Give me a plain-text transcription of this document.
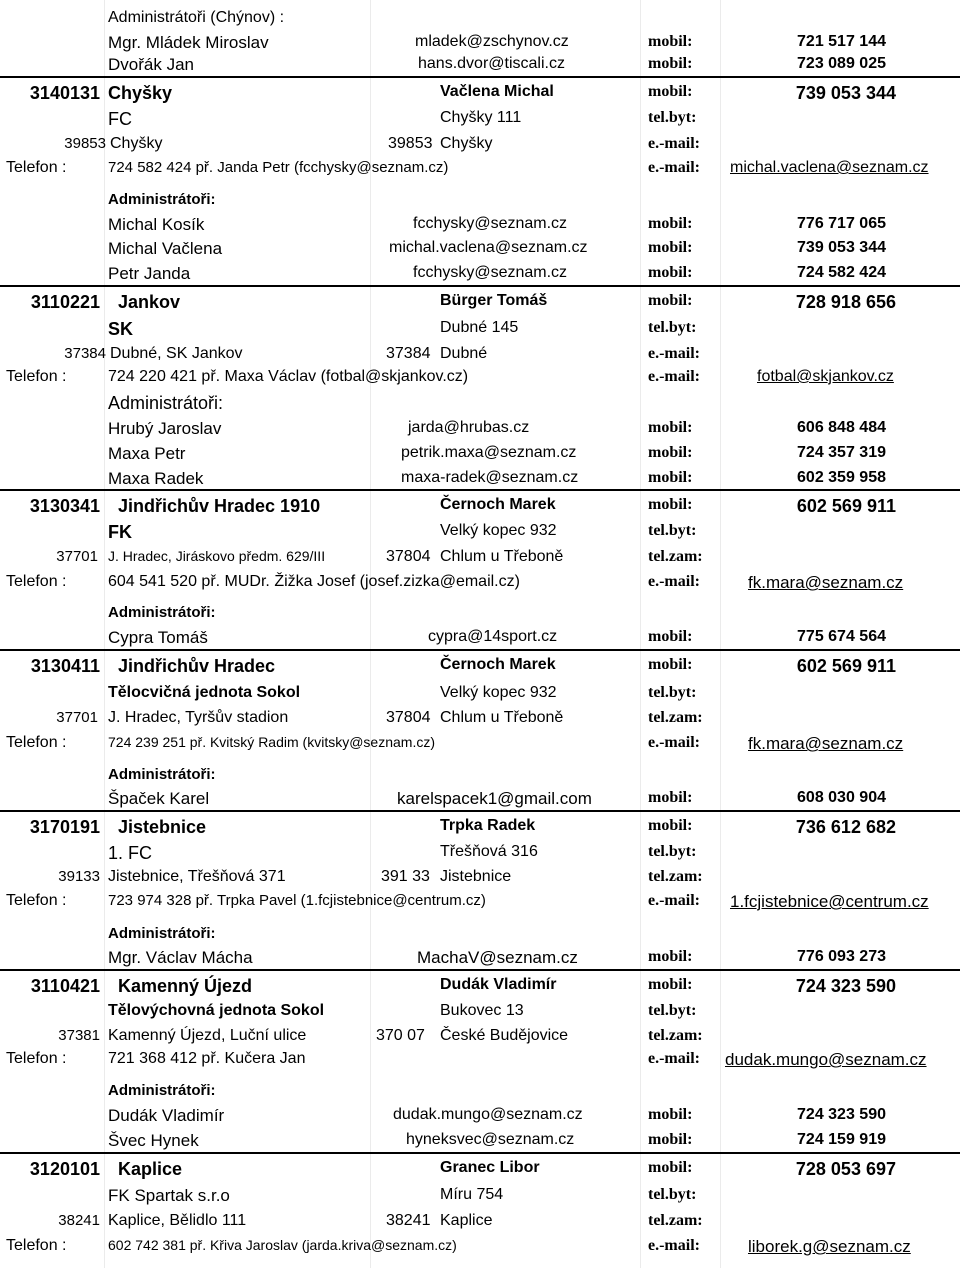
Administrátoři (Chýnov) :
Mgr. Mládek Miroslav	mladek@zschynov.cz	mobil:	721 517 144
Dvořák Jan	hans.dvor@tiscali.cz	mobil:	723 089 025
3140131 Chyšky	Vačlena Michal	mobil:	739 053 344
FC	Chyšky 111	tel.byt:
39853 Chyšky	39853 Chyšky	e.-mail:
Telefon :	724 582 424 př. Janda Petr (fcchysky@seznam.cz)	e.-mail: michal.vaclena@seznam.cz
Administrátoři:
Michal Kosík	fcchysky@seznam.cz	mobil:	776 717 065
Michal Vačlena	michal.vaclena@seznam.cz	mobil:	739 053 344
Petr Janda	fcchysky@seznam.cz	mobil:	724 582 424
3110221 Jankov	Bürger Tomáš	mobil:	728 918 656
SK	Dubné 145	tel.byt:
37384 Dubné, SK Jankov	37384 Dubné	e.-mail:
Telefon :	724 220 421 př. Maxa Václav (fotbal@skjankov.cz)	e.-mail:	fotbal@skjankov.cz
Administrátoři:
Hrubý Jaroslav	jarda@hrubas.cz	mobil:	606 848 484
Maxa Petr	petrik.maxa@seznam.cz	mobil:	724 357 319
Maxa Radek	maxa-radek@seznam.cz	mobil:	602 359 958
3130341 Jindřichův Hradec 1910	Černoch Marek	mobil:	602 569 911
FK	Velký kopec 932	tel.byt:
37701 J. Hradec, Jiráskovo předm. 629/III	37804 Chlum u Třeboně	tel.zam:
Telefon :	604 541 520 př. MUDr. Žižka Josef (josef.zizka@email.cz)	e.-mail:	fk.mara@seznam.cz
Administrátoři:
Cypra Tomáš	cypra@14sport.cz	mobil:	775 674 564
3130411 Jindřichův Hradec	Černoch Marek	mobil:	602 569 911
Tělocvičná jednota Sokol	Velký kopec 932	tel.byt:
37701 J. Hradec, Tyršův stadion	37804 Chlum u Třeboně	tel.zam:
Telefon :	724 239 251 př. Kvitský Radim (kvitsky@seznam.cz)	e.-mail:	fk.mara@seznam.cz
Administrátoři:
Špaček Karel	karelspacek1@gmail.com	mobil:	608 030 904
3170191 Jistebnice	Trpka Radek	mobil:	736 612 682
1. FC	Třešňová 316	tel.byt:
39133 Jistebnice, Třešňová 371	391 33 Jistebnice	tel.zam:
Telefon :	723 974 328 př. Trpka Pavel (1.fcjistebnice@centrum.cz)	e.-mail: 1.fcjistebnice@centrum.cz
Administrátoři:
Mgr. Václav Mácha	MachaV@seznam.cz	mobil:	776 093 273
3110421 Kamenný Újezd	Dudák Vladimír	mobil:	724 323 590
Tělovýchovná jednota Sokol	Bukovec 13	tel.byt:
37381 Kamenný Újezd, Luční ulice	370 07 České Budějovice	tel.zam:
Telefon :	721 368 412 př. Kučera Jan	e.-mail: dudak.mungo@seznam.cz
Administrátoři:
Dudák Vladimír	dudak.mungo@seznam.cz	mobil:	724 323 590
Švec Hynek	hyneksvec@seznam.cz	mobil:	724 159 919
3120101 Kaplice	Granec Libor	mobil:	728 053 697
FK Spartak s.r.o	Míru 754	tel.byt:
38241 Kaplice, Bělidlo 111	38241 Kaplice	tel.zam:
Telefon :	602 742 381 př. Křiva Jaroslav (jarda.kriva@seznam.cz)	e.-mail:	liborek.g@seznam.cz
